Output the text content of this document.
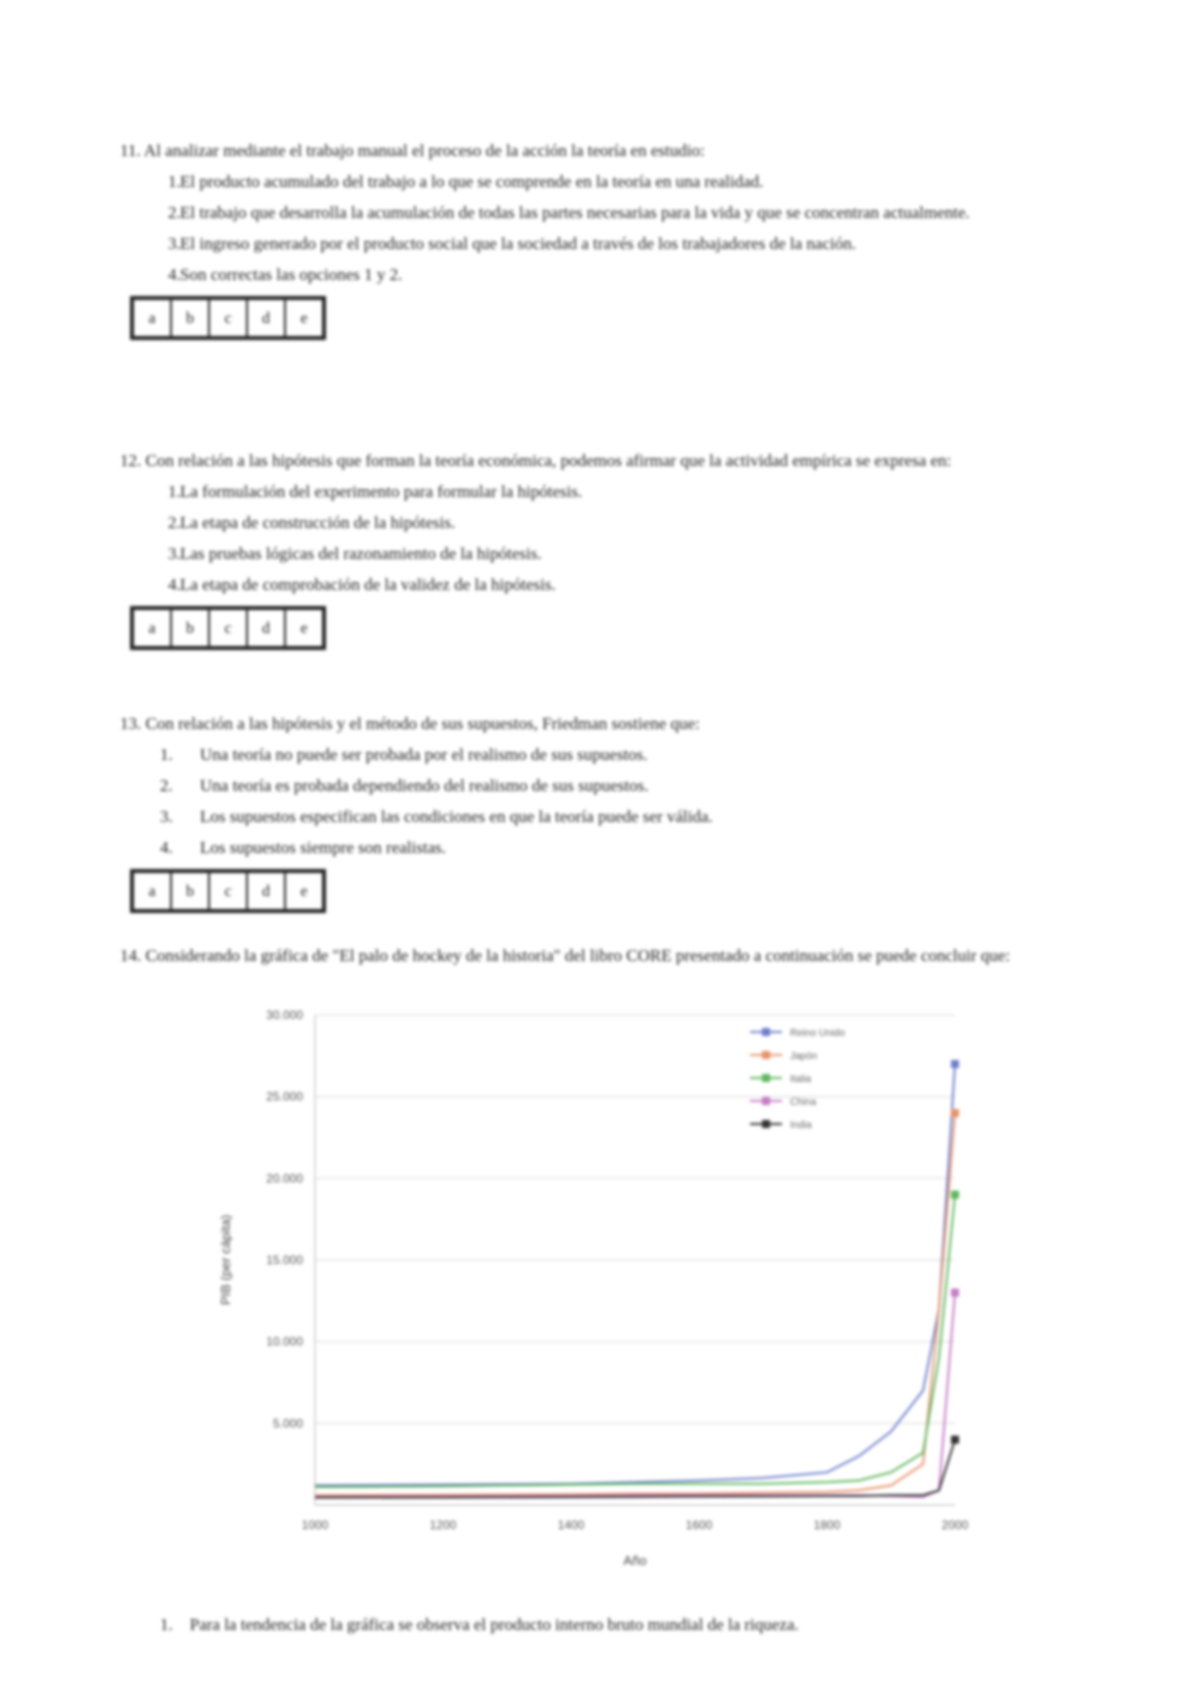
11. Al analizar mediante el trabajo manual el proceso de la acción la teoría en estudio:
1. El producto acumulado del trabajo a lo que se comprende en la teoría en una realidad.
2. El trabajo que desarrolla la acumulación de todas las partes necesarias para la vida y que se concentran actualmente.
3. El ingreso generado por el producto social que la sociedad a través de los trabajadores de la nación.
4. Son correctas las opciones 1 y 2.
a	b	c	d	e
12. Con relación a las hipótesis que forman la teoría económica, podemos afirmar que la actividad empírica se expresa en:
1. La formulación del experimento para formular la hipótesis.
2. La etapa de construcción de la hipótesis.
3. Las pruebas lógicas del razonamiento de la hipótesis.
4. La etapa de comprobación de la validez de la hipótesis.
a	b	c	d	e
13. Con relación a las hipótesis y el método de sus supuestos, Friedman sostiene que:
1. Una teoría no puede ser probada por el realismo de sus supuestos.
2. Una teoría es probada dependiendo del realismo de sus supuestos.
3. Los supuestos especifican las condiciones en que la teoría puede ser válida.
4. Los supuestos siempre son realistas.
a	b	c	d	e
14. Considerando la gráfica de "El palo de hockey de la historia" del libro CORE presentado a continuación se puede concluir que:
5.000
10.000
15.000
20.000
25.000
30.000
1000	1200	1400	1600	1800	2000
Año
PIB (per cápita)
Reino Unido
Japón
Italia
China
India
1. Para la tendencia de la gráfica se observa el producto interno bruto mundial de la riqueza.
